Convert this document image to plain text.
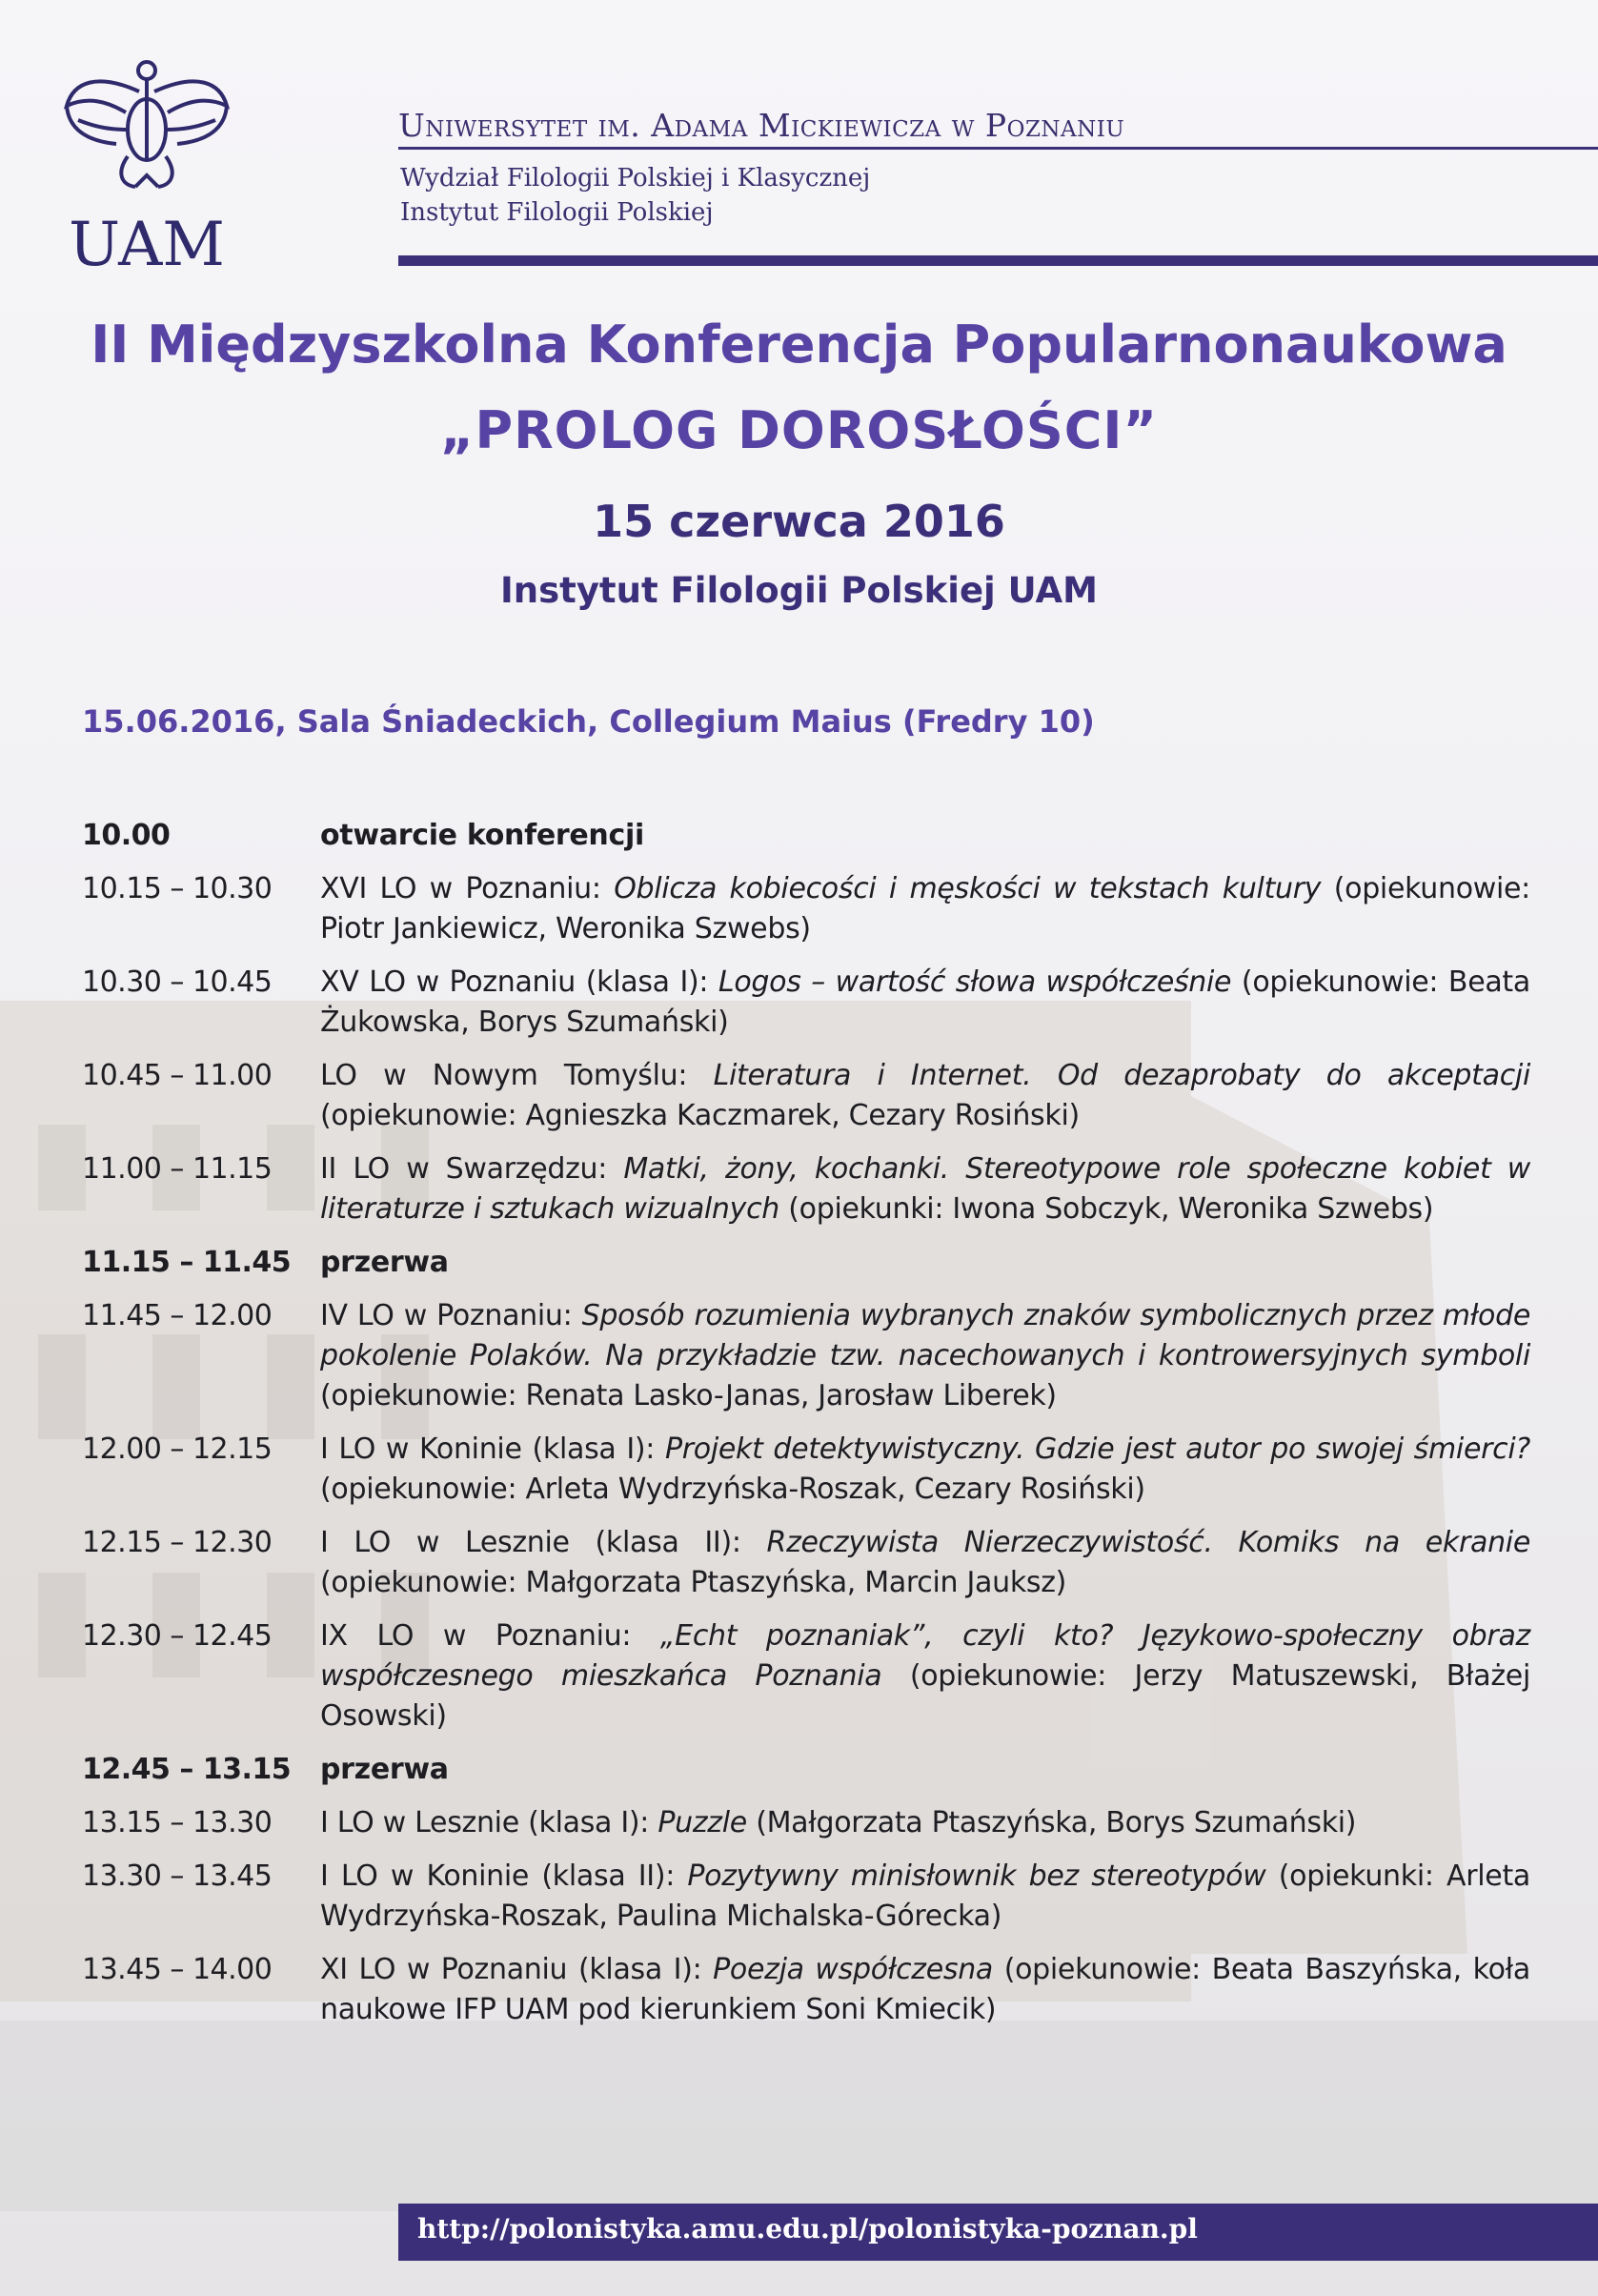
UAM
Uniwersytet im. Adama Mickiewicza w Poznaniu
Wydział Filologii Polskiej i Klasycznej
Instytut Filologii Polskiej
II Międzyszkolna Konferencja Popularnonaukowa
„PROLOG DOROSŁOŚCI”
15 czerwca 2016
Instytut Filologii Polskiej UAM
15.06.2016, Sala Śniadeckich, Collegium Maius (Fredry 10)
10.00	otwarcie konferencji
10.15 – 10.30	XVI LO w Poznaniu: Oblicza kobiecości i męskości w tekstach kultury (opiekunowie: Piotr Jankiewicz, Weronika Szwebs)
10.30 – 10.45	XV LO w Poznaniu (klasa I): Logos – wartość słowa współcześnie (opiekunowie: Beata Żukowska, Borys Szumański)
10.45 – 11.00	LO w Nowym Tomyślu: Literatura i Internet. Od dezaprobaty do akceptacji (opiekunowie: Agnieszka Kaczmarek, Cezary Rosiński)
11.00 – 11.15	II LO w Swarzędzu: Matki, żony, kochanki. Stereotypowe role społeczne kobiet w literaturze i sztukach wizualnych (opiekunki: Iwona Sobczyk, Weronika Szwebs)
11.15 – 11.45	przerwa
11.45 – 12.00	IV LO w Poznaniu: Sposób rozumienia wybranych znaków symbolicznych przez młode pokolenie Polaków. Na przykładzie tzw. nacechowanych i kontrowersyjnych symboli (opiekunowie: Renata Lasko-Janas, Jarosław Liberek)
12.00 – 12.15	I LO w Koninie (klasa I): Projekt detektywistyczny. Gdzie jest autor po swojej śmierci? (opiekunowie: Arleta Wydrzyńska-Roszak, Cezary Rosiński)
12.15 – 12.30	I LO w Lesznie (klasa II): Rzeczywista Nierzeczywistość. Komiks na ekranie (opiekunowie: Małgorzata Ptaszyńska, Marcin Jauksz)
12.30 – 12.45	IX LO w Poznaniu: „Echt poznaniak”, czyli kto? Językowo-społeczny obraz współczesnego mieszkańca Poznania (opiekunowie: Jerzy Matuszewski, Błażej Osowski)
12.45 – 13.15	przerwa
13.15 – 13.30	I LO w Lesznie (klasa I): Puzzle (Małgorzata Ptaszyńska, Borys Szumański)
13.30 – 13.45	I LO w Koninie (klasa II): Pozytywny minisłownik bez stereotypów (opiekunki: Arleta Wydrzyńska-Roszak, Paulina Michalska-Górecka)
13.45 – 14.00	XI LO w Poznaniu (klasa I): Poezja współczesna (opiekunowie: Beata Baszyńska, koła naukowe IFP UAM pod kierunkiem Soni Kmiecik)
http://polonistyka.amu.edu.pl/polonistyka-poznan.pl
